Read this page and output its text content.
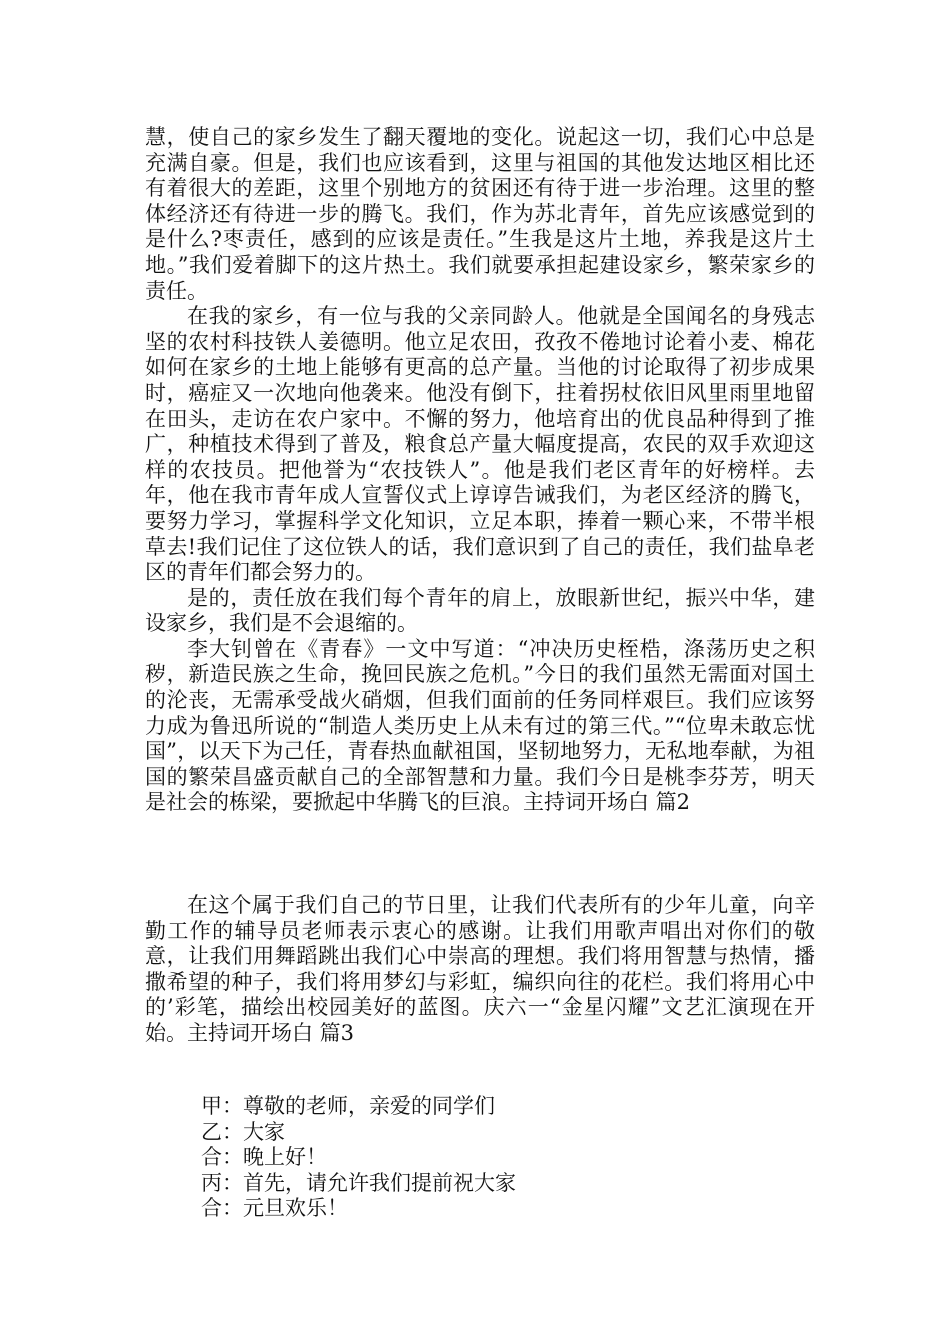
慧，使自己的家乡发生了翻天覆地的变化。说起这一切，我们心中总是充满自豪。但是，我们也应该看到，这里与祖国的其他发达地区相比还有着很大的差距，这里个别地方的贫困还有待于进一步治理。这里的整体经济还有待进一步的腾飞。我们，作为苏北青年，首先应该感觉到的是什么?枣责任，感到的应该是责任。”生我是这片土地，养我是这片土地。”我们爱着脚下的这片热土。我们就要承担起建设家乡，繁荣家乡的责任。

在我的家乡，有一位与我的父亲同龄人。他就是全国闻名的身残志坚的农村科技铁人姜德明。他立足农田，孜孜不倦地讨论着小麦、棉花如何在家乡的土地上能够有更高的总产量。当他的讨论取得了初步成果时，癌症又一次地向他袭来。他没有倒下，拄着拐杖依旧风里雨里地留在田头，走访在农户家中。不懈的努力，他培育出的优良品种得到了推广，种植技术得到了普及，粮食总产量大幅度提高，农民的双手欢迎这样的农技员。把他誉为“农技铁人”。他是我们老区青年的好榜样。去年，他在我市青年成人宣誓仪式上谆谆告诫我们，为老区经济的腾飞，要努力学习，掌握科学文化知识，立足本职，捧着一颗心来，不带半根草去!我们记住了这位铁人的话，我们意识到了自己的责任，我们盐阜老区的青年们都会努力的。

是的，责任放在我们每个青年的肩上，放眼新世纪，振兴中华，建设家乡，我们是不会退缩的。

李大钊曾在《青春》一文中写道：“冲决历史桎梏，涤荡历史之积秽，新造民族之生命，挽回民族之危机。”今日的我们虽然无需面对国土的沦丧，无需承受战火硝烟，但我们面前的任务同样艰巨。我们应该努力成为鲁迅所说的“制造人类历史上从未有过的第三代。”“位卑未敢忘忧国”，以天下为己任，青春热血献祖国，坚韧地努力，无私地奉献，为祖国的繁荣昌盛贡献自己的全部智慧和力量。我们今日是桃李芬芳，明天是社会的栋梁，要掀起中华腾飞的巨浪。主持词开场白 篇2

在这个属于我们自己的节日里，让我们代表所有的少年儿童，向辛勤工作的辅导员老师表示衷心的感谢。让我们用歌声唱出对你们的敬意，让我们用舞蹈跳出我们心中崇高的理想。我们将用智慧与热情，播撒希望的种子，我们将用梦幻与彩虹，编织向往的花栏。我们将用心中的’彩笔，描绘出校园美好的蓝图。庆六一“金星闪耀”文艺汇演现在开始。主持词开场白 篇3

甲：尊敬的老师，亲爱的同学们

乙：大家

合：晚上好！

丙：首先，请允许我们提前祝大家

合：元旦欢乐！
